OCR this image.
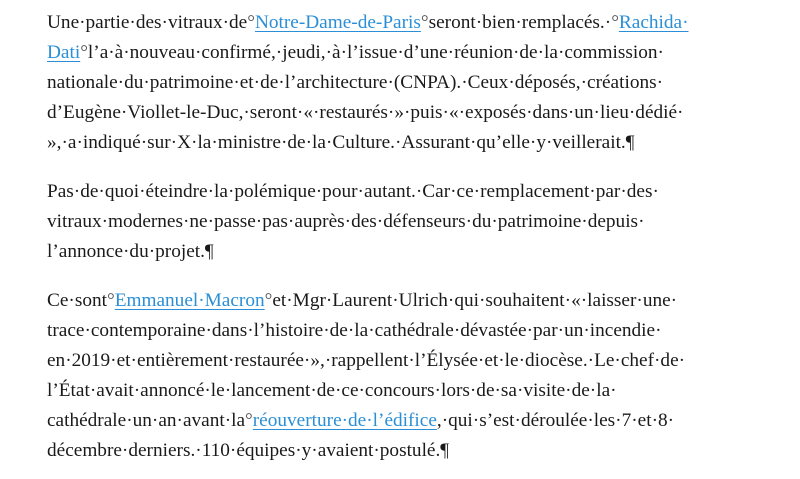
Une·partie·des·vitraux·de°Notre-Dame-de-Paris°seront·bien·remplacés.·°Rachida·
Dati°l’a·à·nouveau·confirmé,·jeudi,·à·l’issue·d’une·réunion·de·la·commission·
nationale·du·patrimoine·et·de·l’architecture·(CNPA).·Ceux·déposés,·créations·
d’Eugène·Viollet-le-Duc,·seront·«·restaurés·»·puis·«·exposés·dans·un·lieu·dédié·
»,·a·indiqué·sur·X·la·ministre·de·la·Culture.·Assurant·qu’elle·y·veillerait.¶
Pas·de·quoi·éteindre·la·polémique·pour·autant.·Car·ce·remplacement·par·des·
vitraux·modernes·ne·passe·pas·auprès·des·défenseurs·du·patrimoine·depuis·
l’annonce·du·projet.¶
Ce·sont°Emmanuel·Macron°et·Mgr·Laurent·Ulrich·qui·souhaitent·«·laisser·une·
trace·contemporaine·dans·l’histoire·de·la·cathédrale·dévastée·par·un·incendie·
en·2019·et·entièrement·restaurée·»,·rappellent·l’Élysée·et·le·diocèse.·Le·chef·de·
l’État·avait·annoncé·le·lancement·de·ce·concours·lors·de·sa·visite·de·la·
cathédrale·un·an·avant·la°réouverture·de·l’édifice,·qui·s’est·déroulée·les·7·et·8·
décembre·derniers.·110·équipes·y·avaient·postulé.¶
